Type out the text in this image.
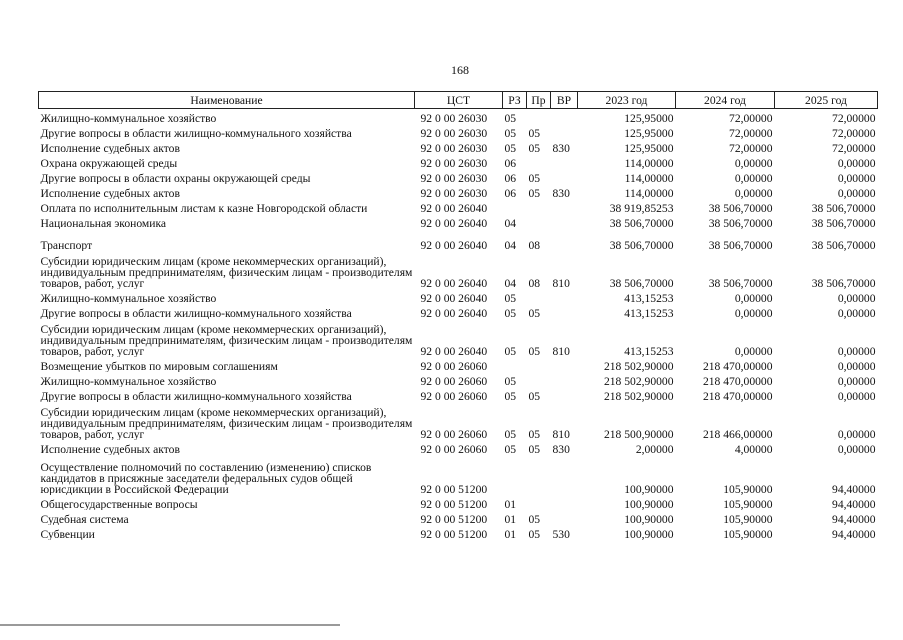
168
Наименование	ЦСТ	РЗ	Пр	ВР	2023 год	2024 год	2025 год
Жилищно-коммунальное хозяйство	92 0 00 26030	05			125,95000	72,00000	72,00000
Другие вопросы в области жилищно-коммунального хозяйства	92 0 00 26030	05	05		125,95000	72,00000	72,00000
Исполнение судебных актов	92 0 00 26030	05	05	830	125,95000	72,00000	72,00000
Охрана окружающей среды	92 0 00 26030	06			114,00000	0,00000	0,00000
Другие вопросы в области охраны окружающей среды	92 0 00 26030	06	05		114,00000	0,00000	0,00000
Исполнение судебных актов	92 0 00 26030	06	05	830	114,00000	0,00000	0,00000
Оплата по исполнительным листам к казне Новгородской области	92 0 00 26040				38 919,85253	38 506,70000	38 506,70000
Национальная экономика	92 0 00 26040	04			38 506,70000	38 506,70000	38 506,70000
Транспорт	92 0 00 26040	04	08		38 506,70000	38 506,70000	38 506,70000
Субсидии юридическим лицам (кроме некоммерческих организаций), индивидуальным предпринимателям, физическим лицам - производителям товаров, работ, услуг	92 0 00 26040	04	08	810	38 506,70000	38 506,70000	38 506,70000
Жилищно-коммунальное хозяйство	92 0 00 26040	05			413,15253	0,00000	0,00000
Другие вопросы в области жилищно-коммунального хозяйства	92 0 00 26040	05	05		413,15253	0,00000	0,00000
Субсидии юридическим лицам (кроме некоммерческих организаций), индивидуальным предпринимателям, физическим лицам - производителям товаров, работ, услуг	92 0 00 26040	05	05	810	413,15253	0,00000	0,00000
Возмещение убытков по мировым соглашениям	92 0 00 26060				218 502,90000	218 470,00000	0,00000
Жилищно-коммунальное хозяйство	92 0 00 26060	05			218 502,90000	218 470,00000	0,00000
Другие вопросы в области жилищно-коммунального хозяйства	92 0 00 26060	05	05		218 502,90000	218 470,00000	0,00000
Субсидии юридическим лицам (кроме некоммерческих организаций), индивидуальным предпринимателям, физическим лицам - производителям товаров, работ, услуг	92 0 00 26060	05	05	810	218 500,90000	218 466,00000	0,00000
Исполнение судебных актов	92 0 00 26060	05	05	830	2,00000	4,00000	0,00000
Осуществление полномочий по составлению (изменению) списков кандидатов в присяжные заседатели федеральных судов общей юрисдикции в Российской Федерации	92 0 00 51200				100,90000	105,90000	94,40000
Общегосударственные вопросы	92 0 00 51200	01			100,90000	105,90000	94,40000
Судебная система	92 0 00 51200	01	05		100,90000	105,90000	94,40000
Субвенции	92 0 00 51200	01	05	530	100,90000	105,90000	94,40000
